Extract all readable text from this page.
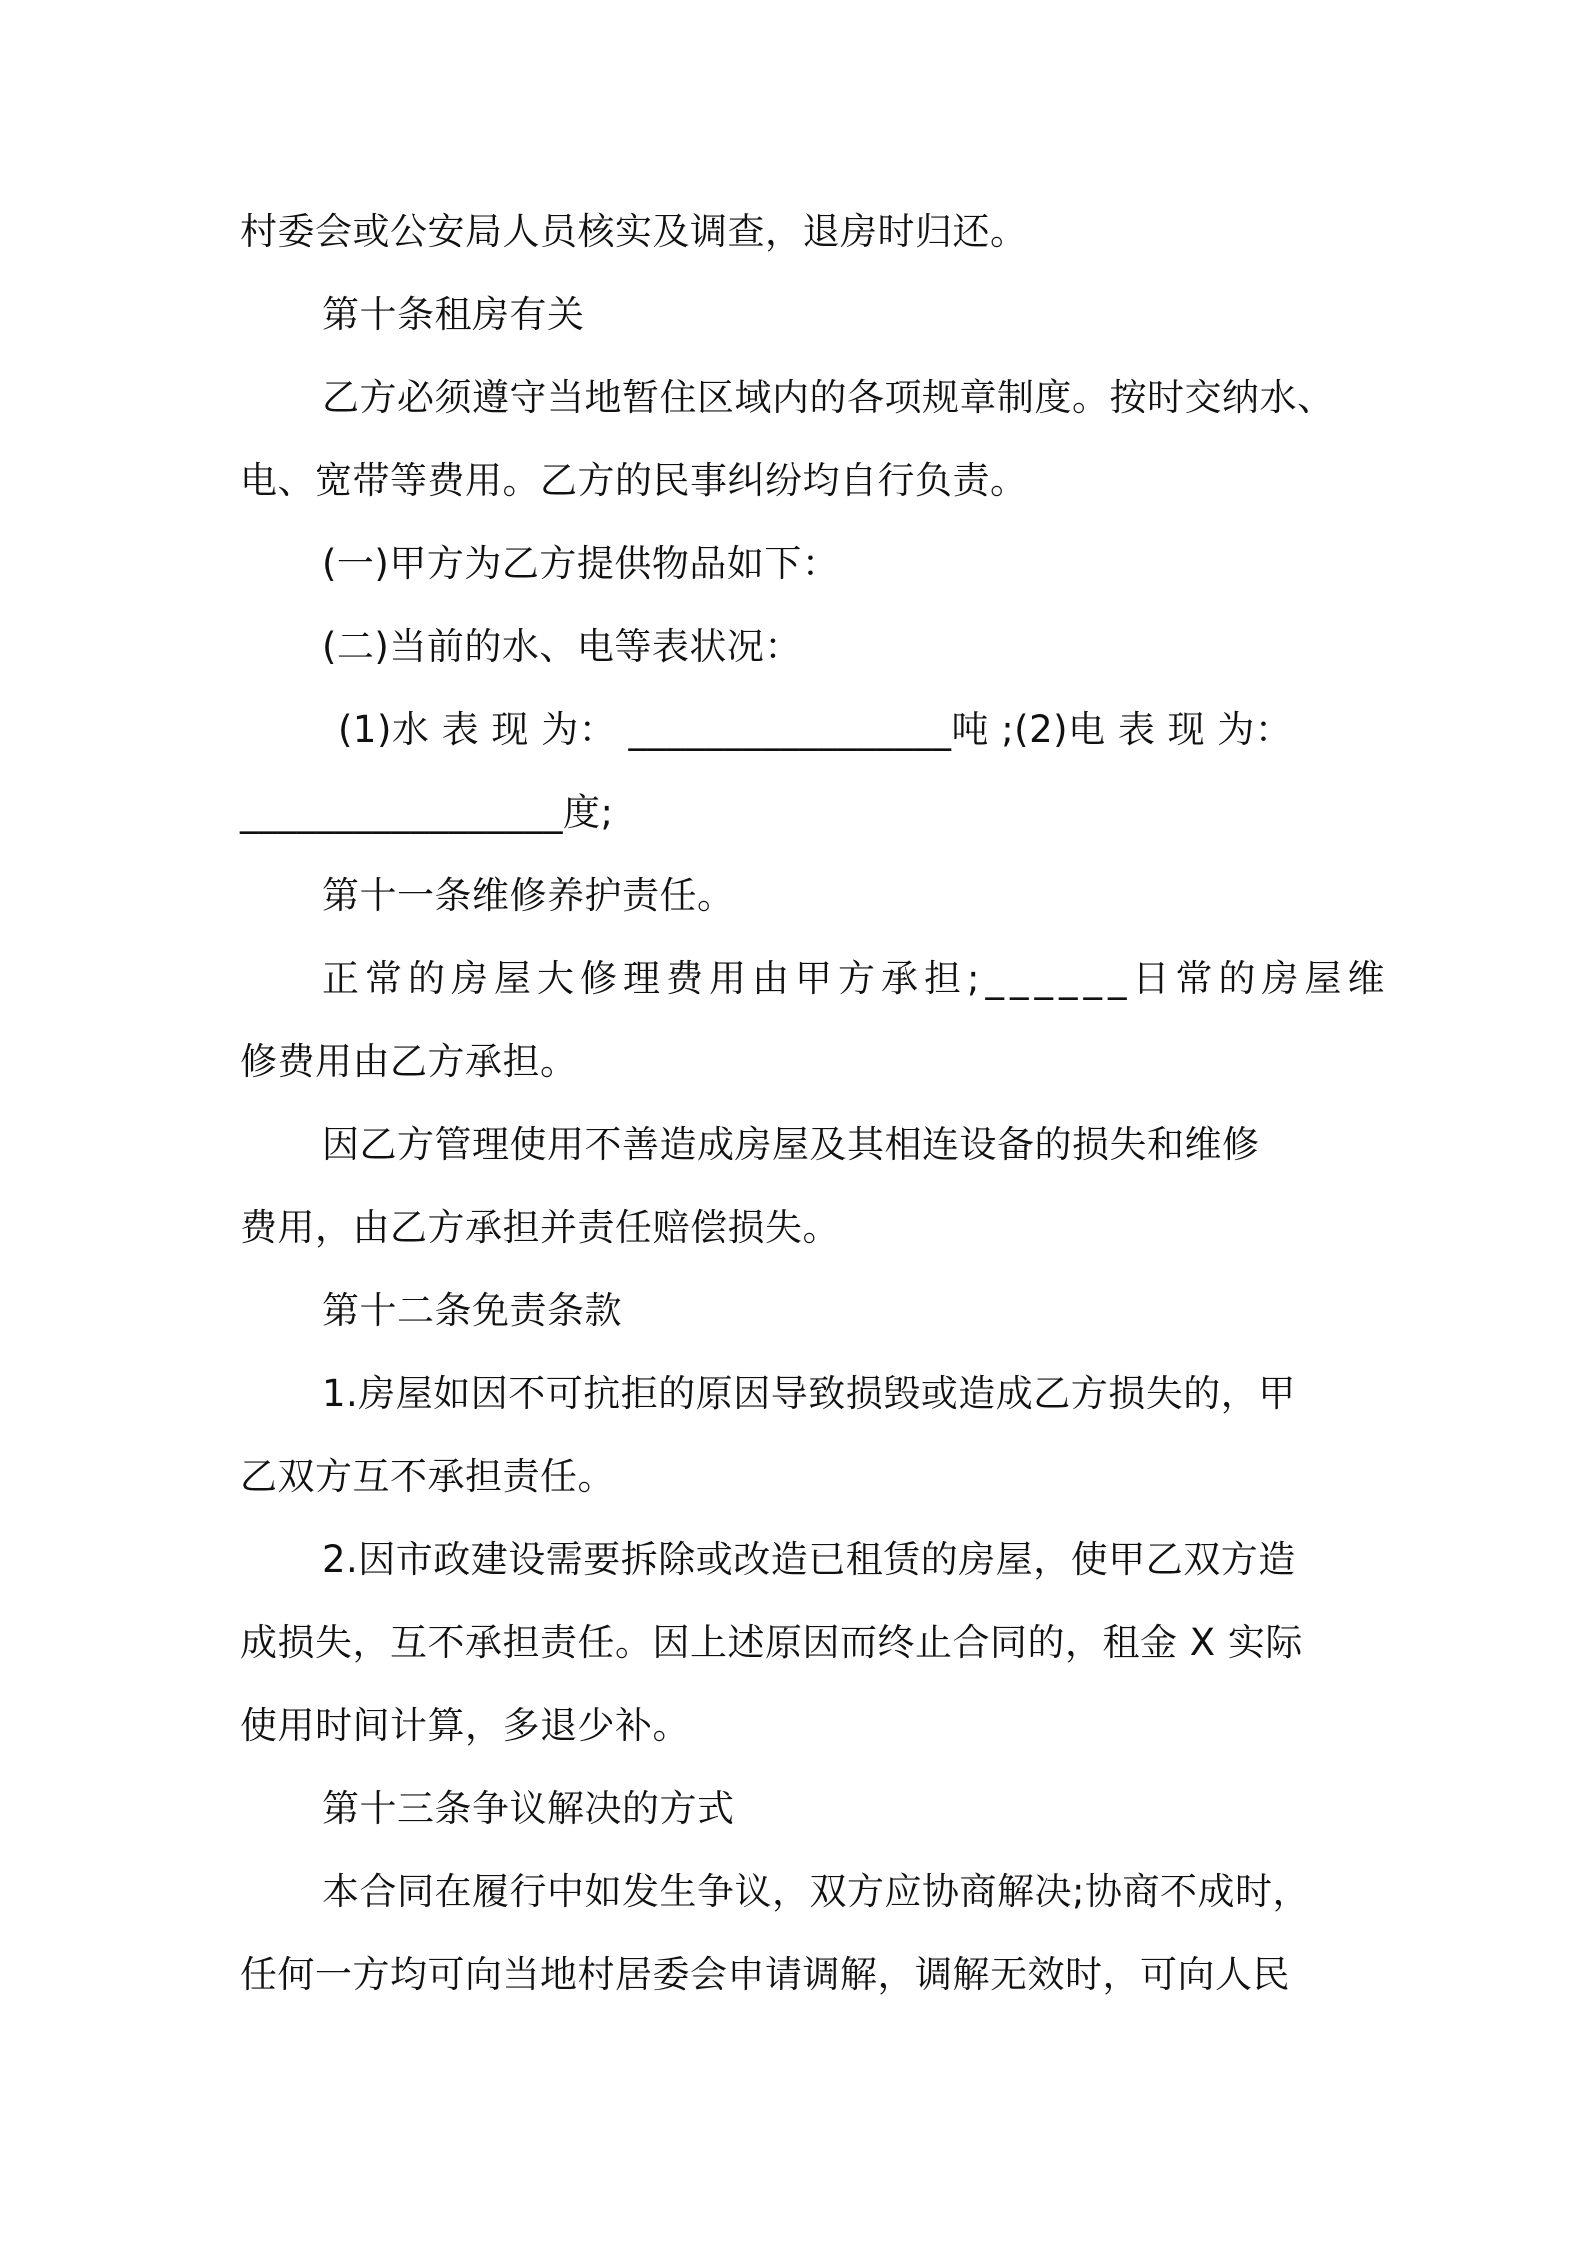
村委会或公安局人员核实及调查，退房时归还。
第十条租房有关
乙方必须遵守当地暂住区域内的各项规章制度。按时交纳水、
电、宽带等费用。乙方的民事纠纷均自行负责。
(一)甲方为乙方提供物品如下：
(二)当前的水、电等表状况：
(1)水 表 现 为： _________________吨 ;(2)电 表 现 为：
_________________度;
第十一条维修养护责任。
正常的房屋大修理费用由甲方承担;______日常的房屋维
修费用由乙方承担。
因乙方管理使用不善造成房屋及其相连设备的损失和维修
费用，由乙方承担并责任赔偿损失。
第十二条免责条款
1.房屋如因不可抗拒的原因导致损毁或造成乙方损失的，甲
乙双方互不承担责任。
2.因市政建设需要拆除或改造已租赁的房屋，使甲乙双方造
成损失，互不承担责任。因上述原因而终止合同的，租金 X 实际
使用时间计算，多退少补。
第十三条争议解决的方式
本合同在履行中如发生争议，双方应协商解决;协商不成时，
任何一方均可向当地村居委会申请调解，调解无效时，可向人民
